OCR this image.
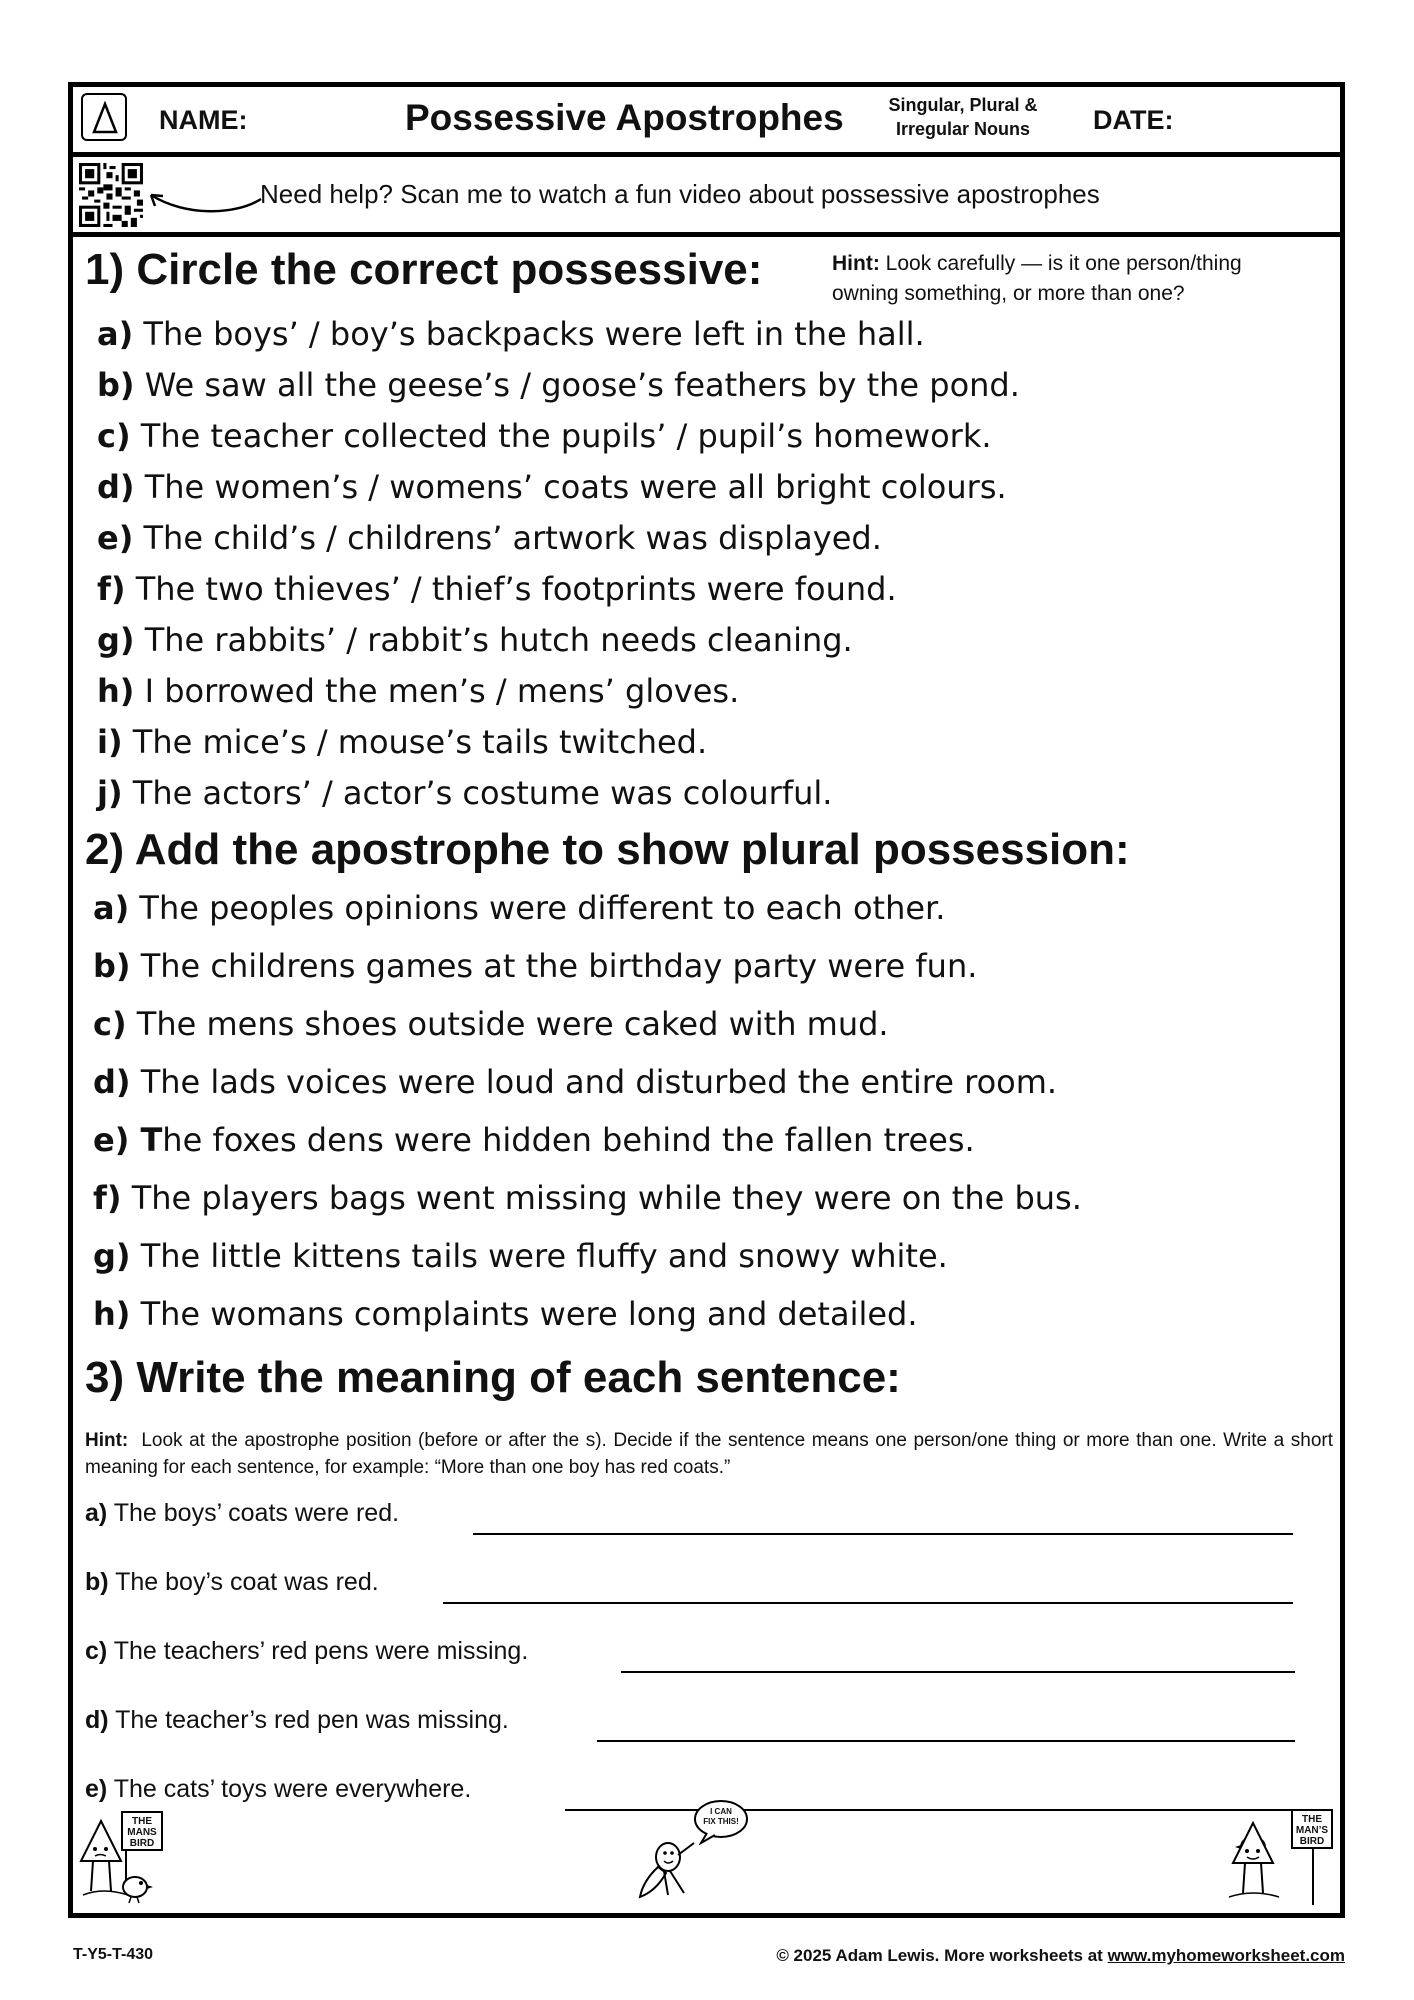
NAME:	Possessive Apostrophes	Singular, Plural &
Irregular Nouns	DATE:
Need help? Scan me to watch a fun video about possessive apostrophes
1) Circle the correct possessive:	Hint: Look carefully — is it one person/thing
owning something, or more than one?
a) The boys’ / boy’s backpacks were left in the hall.
b) We saw all the geese’s / goose’s feathers by the pond.
c) The teacher collected the pupils’ / pupil’s homework.
d) The women’s / womens’ coats were all bright colours.
e) The child’s / childrens’ artwork was displayed.
f) The two thieves’ / thief’s footprints were found.
g) The rabbits’ / rabbit’s hutch needs cleaning.
h) I borrowed the men’s / mens’ gloves.
i) The mice’s / mouse’s tails twitched.
j) The actors’ / actor’s costume was colourful.
2) Add the apostrophe to show plural possession:
a) The peoples opinions were different to each other.
b) The childrens games at the birthday party were fun.
c) The mens shoes outside were caked with mud.
d) The lads voices were loud and disturbed the entire room.
e) The foxes dens were hidden behind the fallen trees.
f) The players bags went missing while they were on the bus.
g) The little kittens tails were fluffy and snowy white.
h) The womans complaints were long and detailed.
3) Write the meaning of each sentence:
Hint: Look at the apostrophe position (before or after the s). Decide if the sentence means one person/one thing or more than one. Write a short meaning for each sentence, for example: “More than one boy has red coats.”
a) The boys’ coats were red.
b) The boy’s coat was red.
c) The teachers’ red pens were missing.
d) The teacher’s red pen was missing.
e) The cats’ toys were everywhere.
THE
MANS
BIRD
I CAN
FIX THIS!	THE
MAN’S
BIRD
T-Y5-T-430	© 2025 Adam Lewis. More worksheets at www.myhomeworksheet.com
